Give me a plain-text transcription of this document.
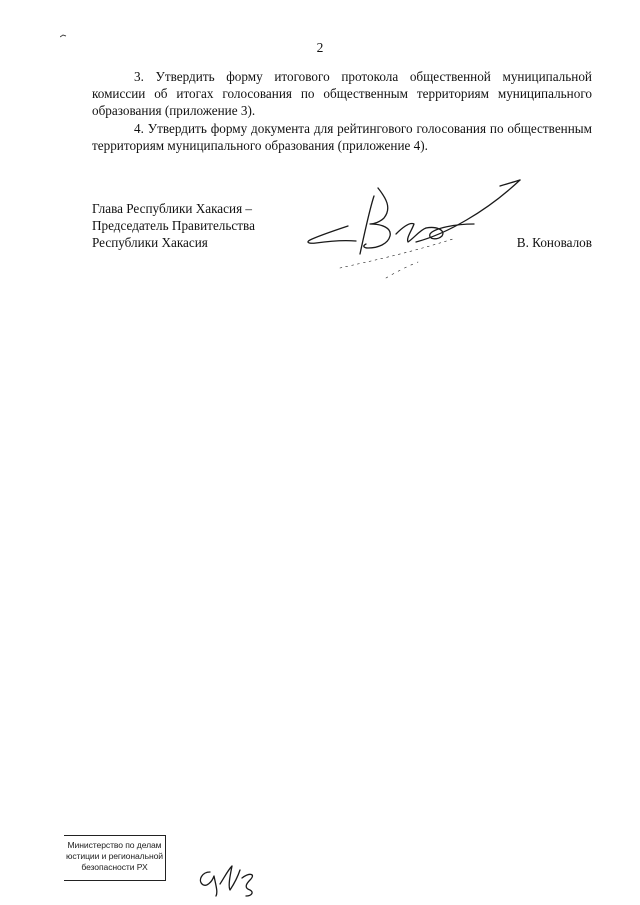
2

3. Утвердить форму итогового протокола общественной муниципальной комиссии об итогах голосования по общественным территориям муниципального образования (приложение 3).

4. Утвердить форму документа для рейтингового голосования по общественным территориям муниципального образования (приложение 4).

Глава Республики Хакасия –
Председатель Правительства
Республики Хакасия	В. Коновалов
Министерство по делам
юстиции и региональной
безопасности РХ
